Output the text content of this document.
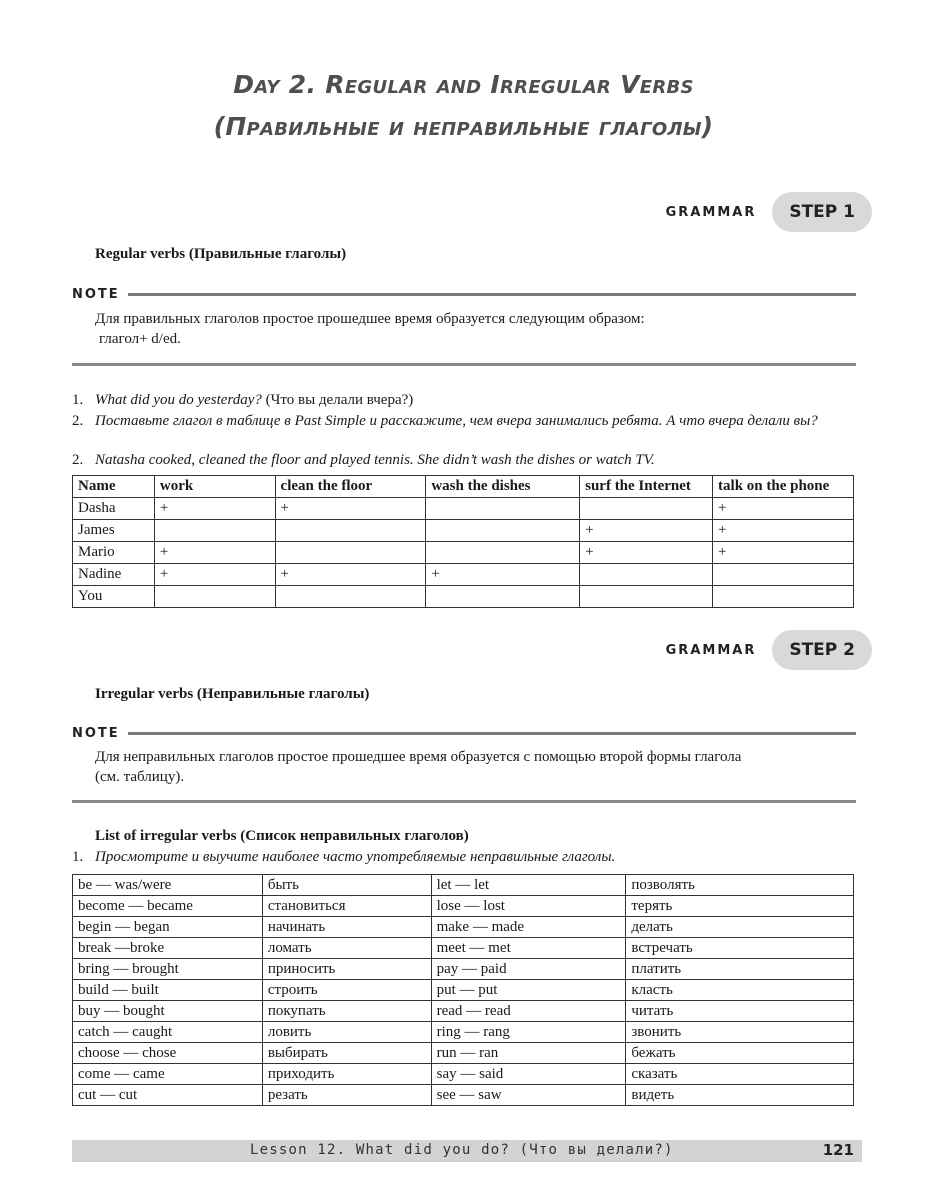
Day 2. Regular and Irregular Verbs
(Правильные и неправильные глаголы)
GRAMMAR	STEP 1
Regular verbs (Правильные глаголы)
NOTE
Для правильных глаголов простое прошедшее время образуется следующим образом:
глагол+ d/ed.
1. What did you do yesterday? (Что вы делали вчера?)
2. Поставьте глагол в таблице в Past Simple и расскажите, чем вчера занимались ребята. А что вчера делали вы?
2. Natasha cooked, cleaned the floor and played tennis. She didn’t wash the dishes or watch TV.
Name	work	clean the floor	wash the dishes	surf the Internet	talk on the phone
Dasha	+	+			+
James				+	+
Mario	+			+	+
Nadine	+	+	+		
You					
GRAMMAR	STEP 2
Irregular verbs (Неправильные глаголы)
NOTE
Для неправильных глаголов простое прошедшее время образуется с помощью второй формы глагола
(см. таблицу).
List of irregular verbs (Список неправильных глаголов)
1. Просмотрите и выучите наиболее часто употребляемые неправильные глаголы.
be — was/were	быть	let — let	позволять
become — became	становиться	lose — lost	терять
begin — began	начинать	make — made	делать
break —broke	ломать	meet — met	встречать
bring — brought	приносить	pay — paid	платить
build — built	строить	put — put	класть
buy — bought	покупать	read — read	читать
catch — caught	ловить	ring — rang	звонить
choose — chose	выбирать	run — ran	бежать
come — came	приходить	say — said	сказать
cut — cut	резать	see — saw	видеть
Lesson 12. What did you do? (Что вы делали?)	121
